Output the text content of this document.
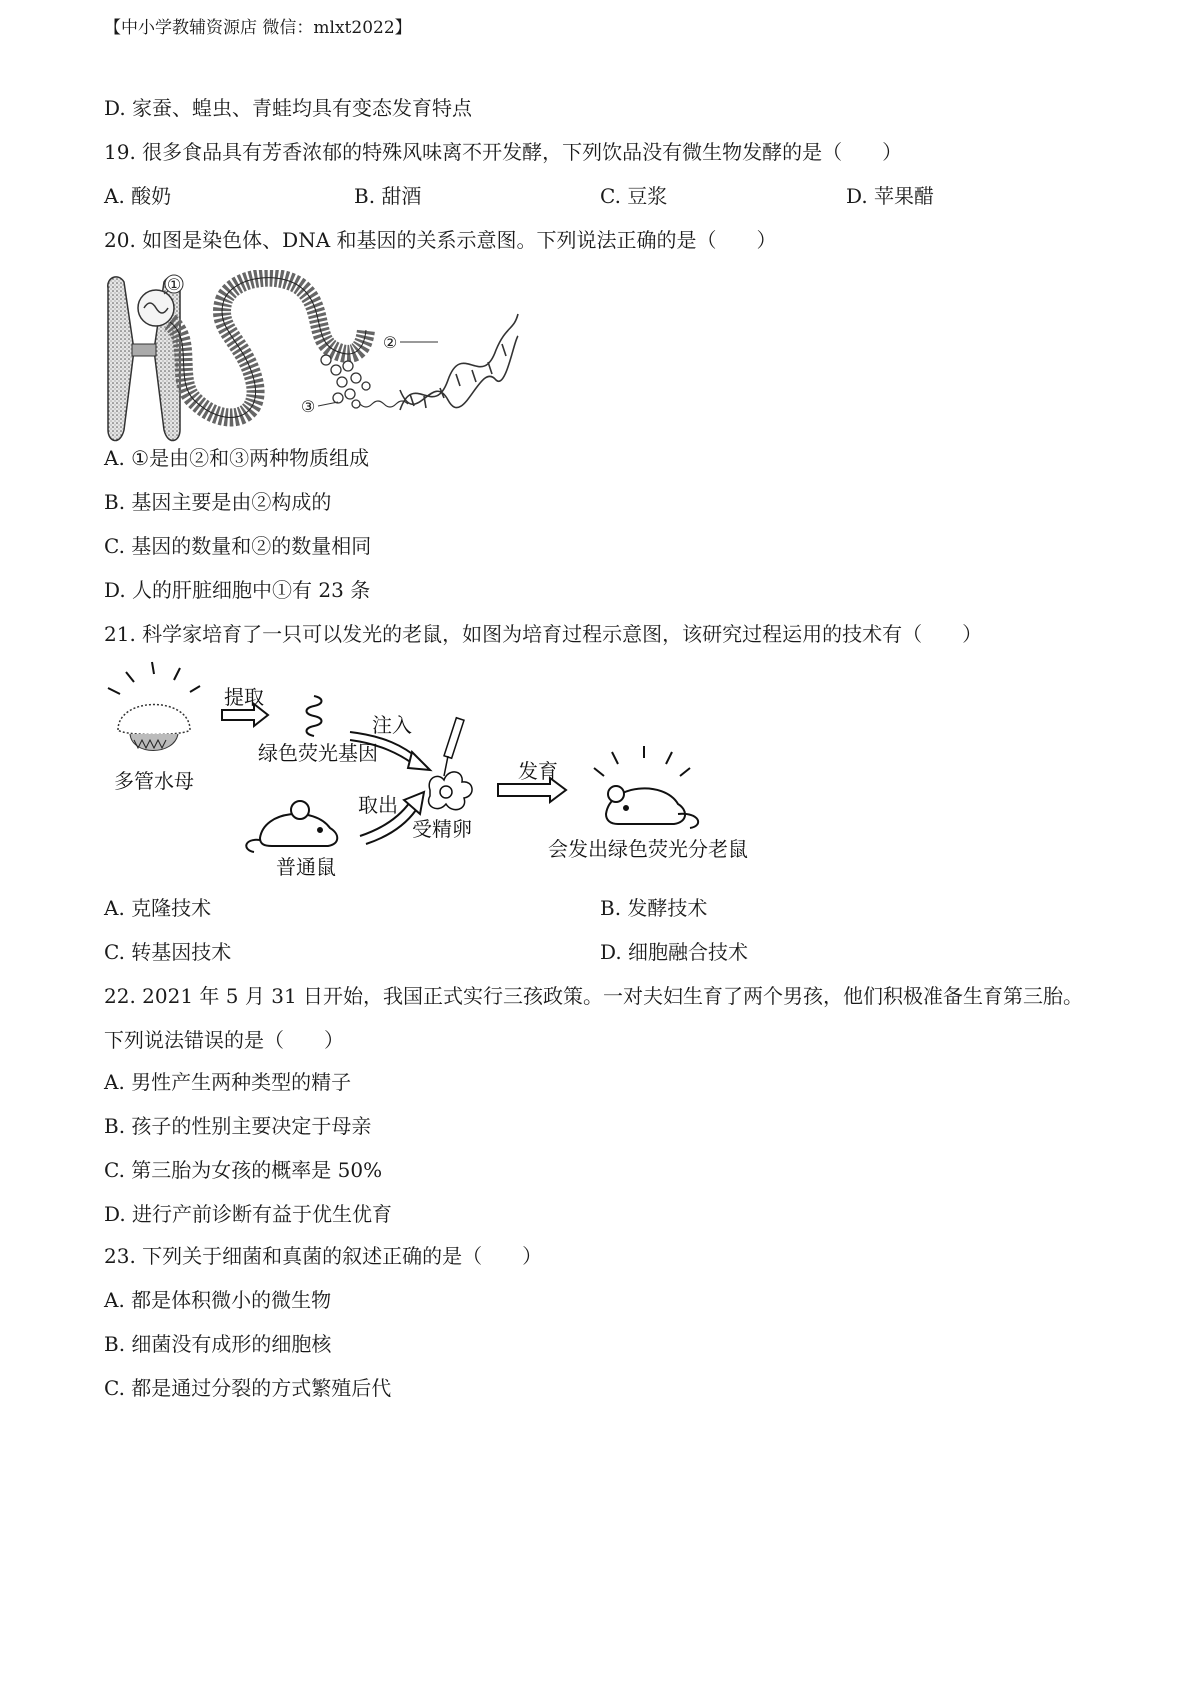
【中小学教辅资源店 微信：mlxt2022】
D. 家蚕、蝗虫、青蛙均具有变态发育特点
19. 很多食品具有芳香浓郁的特殊风味离不开发酵，下列饮品没有微生物发酵的是（　　）
A. 酸奶	B. 甜酒	C. 豆浆	D. 苹果醋
20. 如图是染色体、DNA 和基因的关系示意图。下列说法正确的是（　　）
①
②
③
A. ①是由②和③两种物质组成
B. 基因主要是由②构成的
C. 基因的数量和②的数量相同
D. 人的肝脏细胞中①有 23 条
21. 科学家培育了一只可以发光的老鼠，如图为培育过程示意图，该研究过程运用的技术有（　　）
多管水母
提取
绿色荧光基因
注入
受精卵
取出
普通鼠
发育
会发出绿色荧光分老鼠
A. 克隆技术	B. 发酵技术
C. 转基因技术	D. 细胞融合技术
22. 2021 年 5 月 31 日开始，我国正式实行三孩政策。一对夫妇生育了两个男孩，他们积极准备生育第三胎。
下列说法错误的是（　　）
A. 男性产生两种类型的精子
B. 孩子的性别主要决定于母亲
C. 第三胎为女孩的概率是 50%
D. 进行产前诊断有益于优生优育
23. 下列关于细菌和真菌的叙述正确的是（　　）
A. 都是体积微小的微生物
B. 细菌没有成形的细胞核
C. 都是通过分裂的方式繁殖后代
